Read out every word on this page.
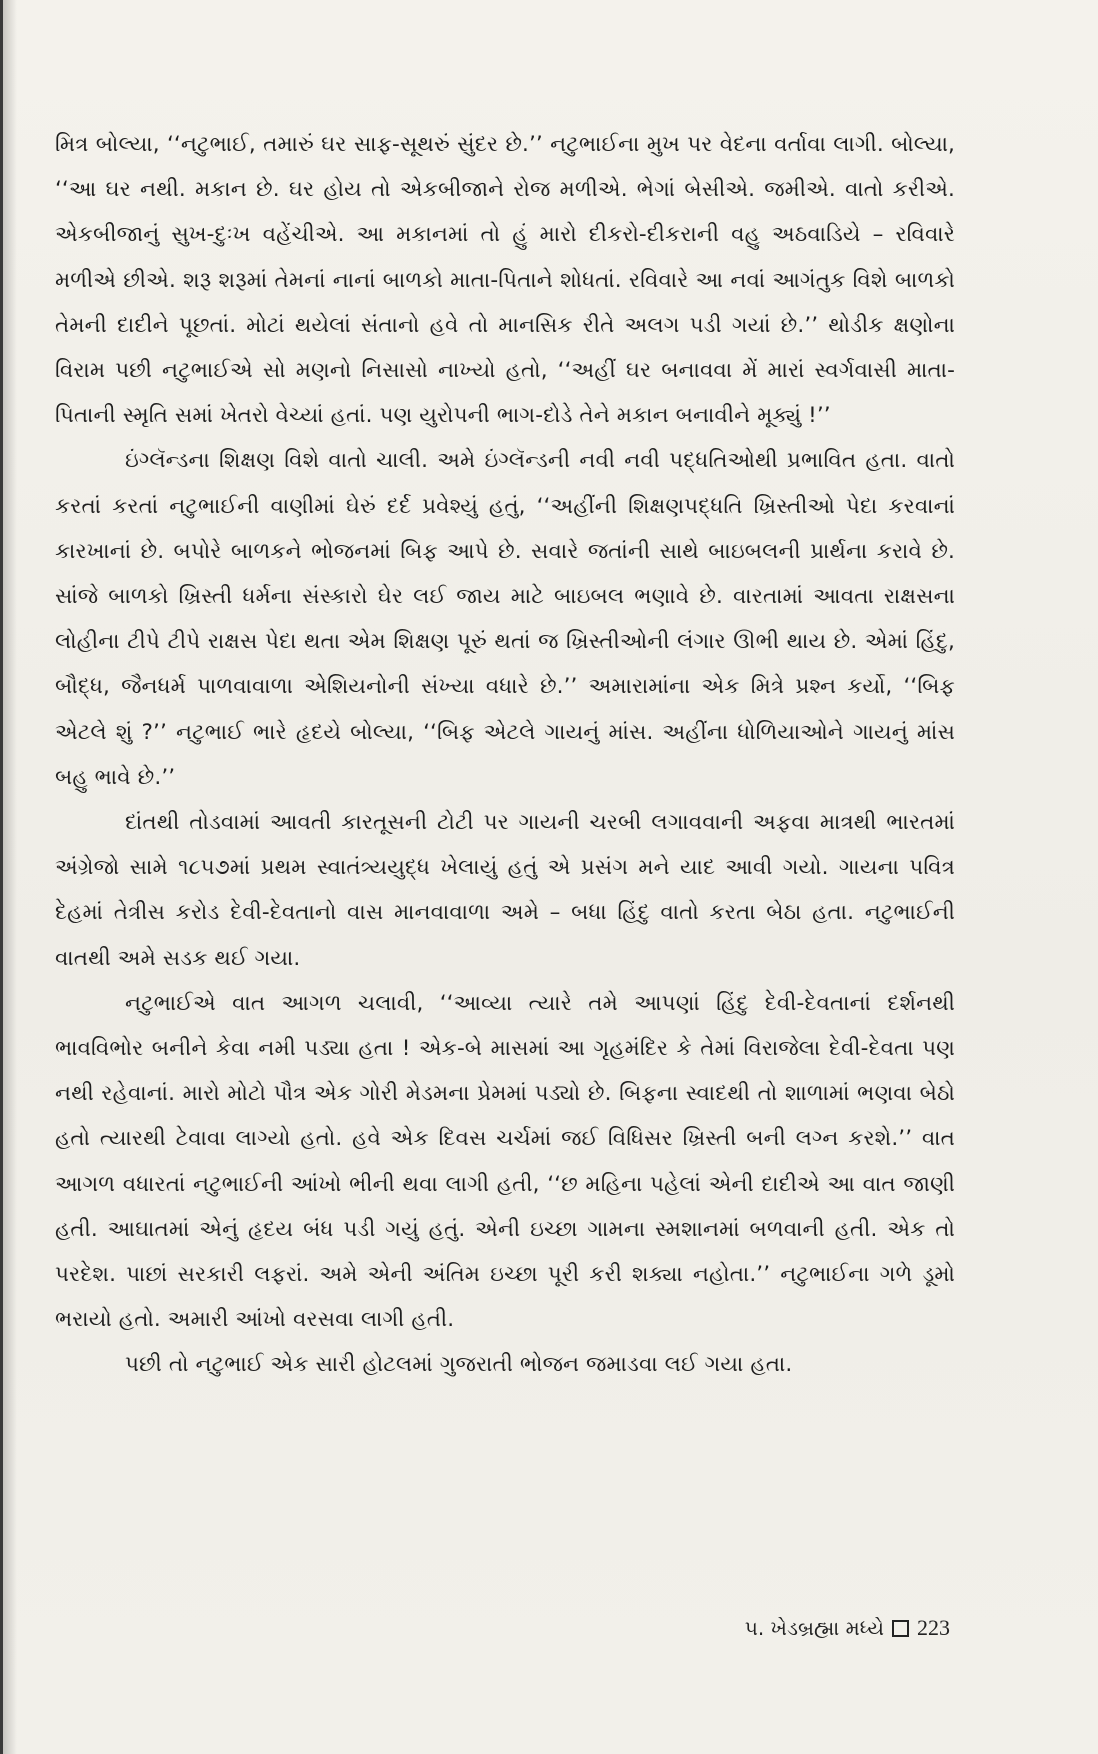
મિત્ર બોલ્યા, ‘‘નટુભાઈ, તમારું ઘર સાફ-સૂથરું સુંદર છે.’’ નટુભાઈના મુખ પર વેદના વર્તાવા લાગી. બોલ્યા, ‘‘આ ઘર નથી. મકાન છે. ઘર હોય તો એકબીજાને રોજ મળીએ. ભેગાં બેસીએ. જમીએ. વાતો કરીએ. એકબીજાનું સુખ-દુઃખ વહેંચીએ. આ મકાનમાં તો હું મારો દીકરો-દીકરાની વહુ અઠવાડિયે – રવિવારે મળીએ છીએ. શરૂ શરૂમાં તેમનાં નાનાં બાળકો માતા-પિતાને શોધતાં. રવિવારે આ નવાં આગંતુક વિશે બાળકો તેમની દાદીને પૂછતાં. મોટાં થયેલાં સંતાનો હવે તો માનસિક રીતે અલગ પડી ગયાં છે.’’ થોડીક ક્ષણોના વિરામ પછી નટુભાઈએ સો મણનો નિસાસો નાખ્યો હતો, ‘‘અહીં ઘર બનાવવા મેં મારાં સ્વર્ગવાસી માતા-પિતાની સ્મૃતિ સમાં ખેતરો વેચ્યાં હતાં. પણ યુરોપની ભાગ-દોડે તેને મકાન બનાવીને મૂક્યું !’’

ઇંગ્લૅન્ડના શિક્ષણ વિશે વાતો ચાલી. અમે ઇંગ્લૅન્ડની નવી નવી પદ્ધતિઓથી પ્રભાવિત હતા. વાતો કરતાં કરતાં નટુભાઈની વાણીમાં ઘેરું દર્દ પ્રવેશ્યું હતું, ‘‘અહીંની શિક્ષણપદ્ધતિ ખ્રિસ્તીઓ પેદા કરવાનાં કારખાનાં છે. બપોરે બાળકને ભોજનમાં બિફ આપે છે. સવારે જતાંની સાથે બાઇબલની પ્રાર્થના કરાવે છે. સાંજે બાળકો ખ્રિસ્તી ધર્મના સંસ્કારો ઘેર લઈ જાય માટે બાઇબલ ભણાવે છે. વારતામાં આવતા રાક્ષસના લોહીના ટીપે ટીપે રાક્ષસ પેદા થતા એમ શિક્ષણ પૂરું થતાં જ ખ્રિસ્તીઓની લંગાર ઊભી થાય છે. એમાં હિંદુ, બૌદ્ધ, જૈનધર્મ પાળવાવાળા એશિયનોની સંખ્યા વધારે છે.’’ અમારામાંના એક મિત્રે પ્રશ્ન કર્યો, ‘‘બિફ એટલે શું ?’’ નટુભાઈ ભારે હૃદયે બોલ્યા, ‘‘બિફ એટલે ગાયનું માંસ. અહીંના ધોળિયાઓને ગાયનું માંસ બહુ ભાવે છે.’’

દાંતથી તોડવામાં આવતી કારતૂસની ટોટી પર ગાયની ચરબી લગાવવાની અફવા માત્રથી ભારતમાં અંગ્રેજો સામે ૧૮૫૭માં પ્રથમ સ્વાતંત્ર્યયુદ્ધ ખેલાયું હતું એ પ્રસંગ મને યાદ આવી ગયો. ગાયના પવિત્ર દેહમાં તેત્રીસ કરોડ દેવી-દેવતાનો વાસ માનવાવાળા અમે – બધા હિંદુ વાતો કરતા બેઠા હતા. નટુભાઈની વાતથી અમે સડક થઈ ગયા.

નટુભાઈએ વાત આગળ ચલાવી, ‘‘આવ્યા ત્યારે તમે આપણાં હિંદુ દેવી-દેવતાનાં દર્શનથી ભાવવિભોર બનીને કેવા નમી પડ્યા હતા ! એક-બે માસમાં આ ગૃહમંદિર કે તેમાં વિરાજેલા દેવી-દેવતા પણ નથી રહેવાનાં. મારો મોટો પૌત્ર એક ગોરી મેડમના પ્રેમમાં પડ્યો છે. બિફના સ્વાદથી તો શાળામાં ભણવા બેઠો હતો ત્યારથી ટેવાવા લાગ્યો હતો. હવે એક દિવસ ચર્ચમાં જઈ વિધિસર ખ્રિસ્તી બની લગ્ન કરશે.’’ વાત આગળ વધારતાં નટુભાઈની આંખો ભીની થવા લાગી હતી, ‘‘છ મહિના પહેલાં એની દાદીએ આ વાત જાણી હતી. આઘાતમાં એનું હૃદય બંધ પડી ગયું હતું. એની ઇચ્છા ગામના સ્મશાનમાં બળવાની હતી. એક તો પરદેશ. પાછાં સરકારી લફરાં. અમે એની અંતિમ ઇચ્છા પૂરી કરી શક્યા નહોતા.’’ નટુભાઈના ગળે ડૂમો ભરાયો હતો. અમારી આંખો વરસવા લાગી હતી.

પછી તો નટુભાઈ એક સારી હોટલમાં ગુજરાતી ભોજન જમાડવા લઈ ગયા હતા.

૫. ખેડબ્રહ્મા મધ્યે 223
